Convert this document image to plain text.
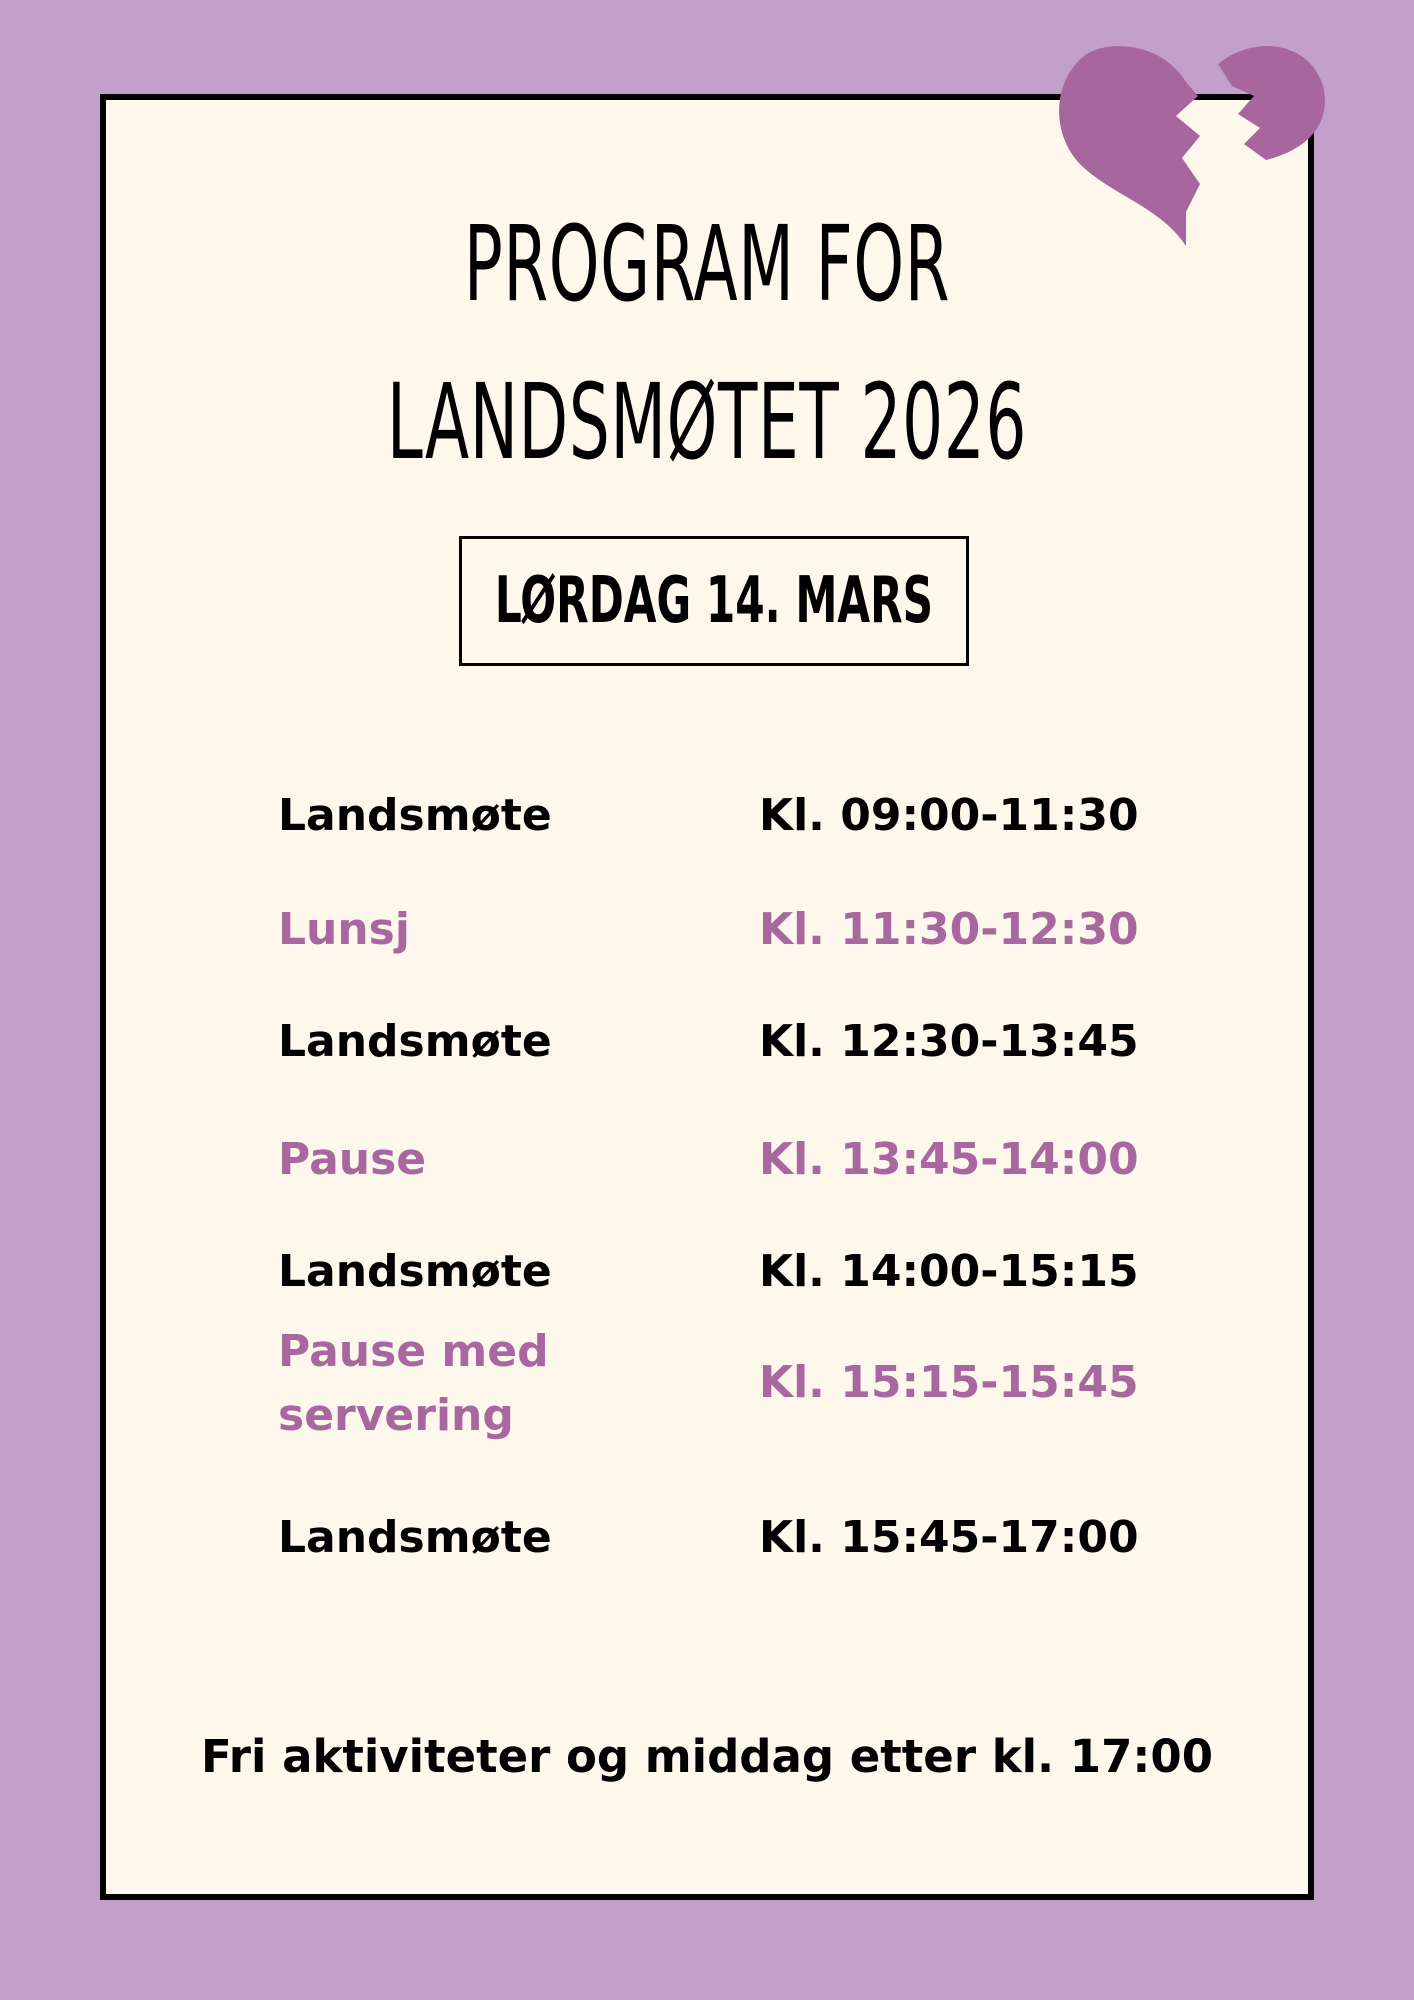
PROGRAM FOR
LANDSMØTET 2026
LØRDAG 14. MARS
Landsmøte	Kl. 09:00-11:30
Lunsj	Kl. 11:30-12:30
Landsmøte	Kl. 12:30-13:45
Pause	Kl. 13:45-14:00
Landsmøte	Kl. 14:00-15:15
Pause med
servering
Kl. 15:15-15:45
Landsmøte	Kl. 15:45-17:00
Fri aktiviteter og middag etter kl. 17:00
